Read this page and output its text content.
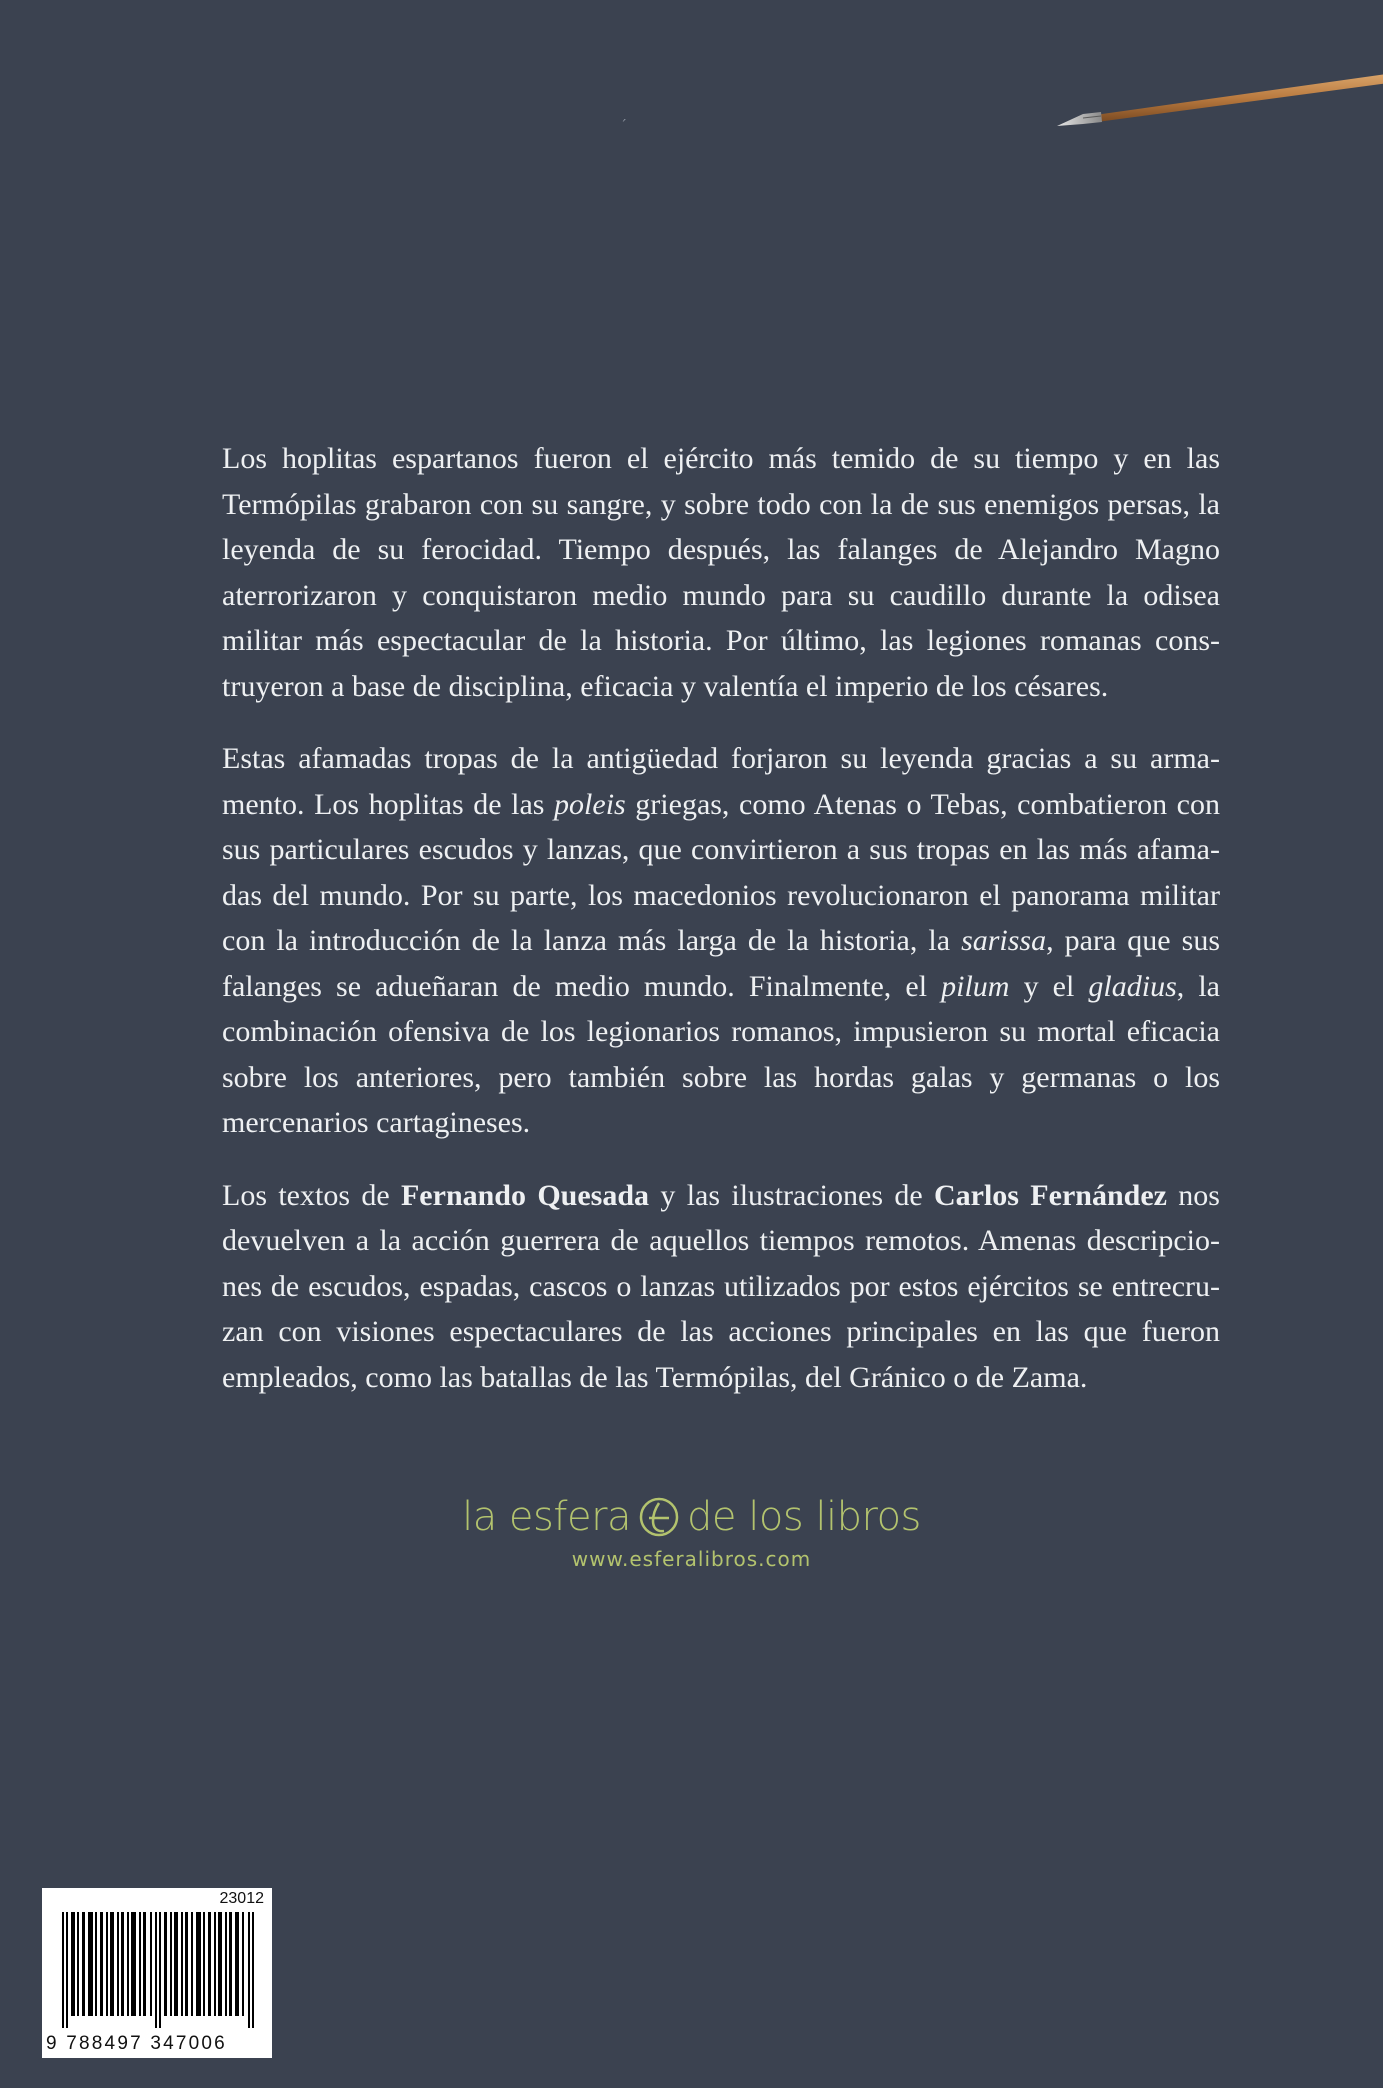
ˊ

Los hoplitas espartanos fueron el ejército más temido de su tiempo y en las Termópilas grabaron con su sangre, y sobre todo con la de sus enemigos persas, la leyenda de su ferocidad. Tiempo después, las falanges de Alejandro Magno aterrorizaron y conquistaron medio mundo para su caudillo durante la odisea militar más espectacular de la historia. Por último, las legiones romanas construyeron a base de disciplina, eficacia y valentía el imperio de los césares.

Estas afamadas tropas de la antigüedad forjaron su leyenda gracias a su armamento. Los hoplitas de las poleis griegas, como Atenas o Tebas, combatieron con sus particulares escudos y lanzas, que convirtieron a sus tropas en las más afamadas del mundo. Por su parte, los macedonios revolucionaron el panorama militar con la introducción de la lanza más larga de la historia, la sarissa, para que sus falanges se adueñaran de medio mundo. Finalmente, el pilum y el gladius, la combinación ofensiva de los legionarios romanos, impusieron su mortal eficacia sobre los anteriores, pero también sobre las hordas galas y germanas o los mercenarios cartagineses.

Los textos de Fernando Quesada y las ilustraciones de Carlos Fernández nos devuelven a la acción guerrera de aquellos tiempos remotos. Amenas descripciones de escudos, espadas, cascos o lanzas utilizados por estos ejércitos se entrecruzan con visiones espectaculares de las acciones principales en las que fueron empleados, como las batallas de las Termópilas, del Gránico o de Zama.

la esfera de los libros
www.esferalibros.com
23012
9 788497 347006
